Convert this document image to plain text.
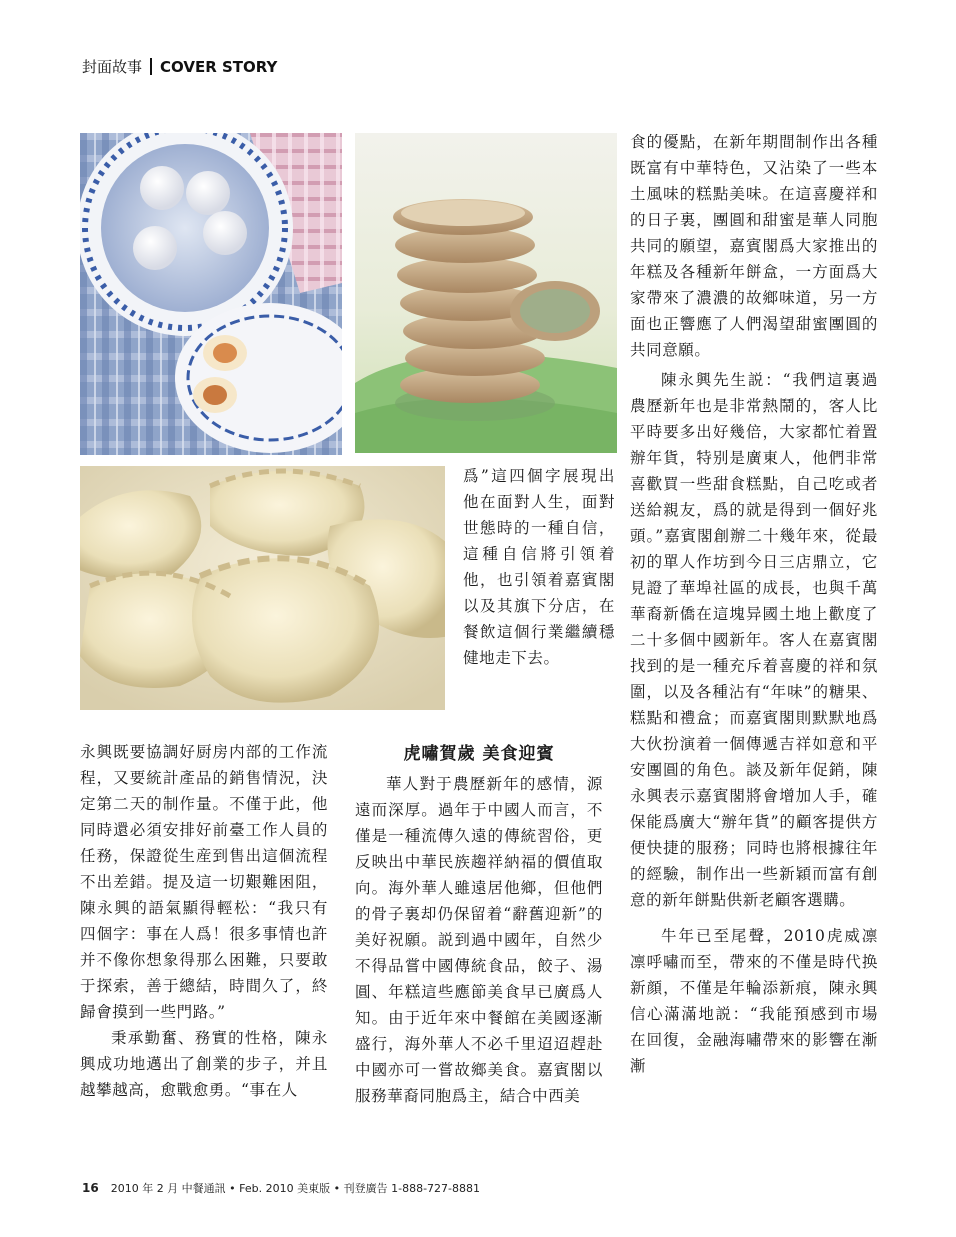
封面故事 COVER STORY

爲”這四個字展現出他在面對人生，面對世態時的一種自信，這種自信將引領着他，也引領着嘉賓閣以及其旗下分店，在餐飲這個行業繼續穩健地走下去。

永興既要協調好厨房内部的工作流程，又要統計產品的銷售情況，決定第二天的制作量。不僅于此，他同時還必須安排好前臺工作人員的任務，保證從生産到售出這個流程不出差錯。提及這一切艱難困阻，陳永興的語氣顯得輕松：“我只有四個字：事在人爲！很多事情也許并不像你想象得那么困難，只要敢于探索，善于總結，時間久了，終歸會摸到一些門路。”

秉承勤奮、務實的性格，陳永興成功地邁出了創業的步子，并且越攀越高，愈戰愈勇。“事在人

虎嘯賀歲 美食迎賓

華人對于農歷新年的感情，源遠而深厚。過年于中國人而言，不僅是一種流傳久遠的傳統習俗，更反映出中華民族趨祥納福的價值取向。海外華人雖遠居他鄉，但他們的骨子裏却仍保留着“辭舊迎新”的美好祝願。説到過中國年，自然少不得品嘗中國傳統食品，餃子、湯圓、年糕這些應節美食早已廣爲人知。由于近年來中餐館在美國逐漸盛行，海外華人不必千里迢迢趕赴中國亦可一嘗故鄉美食。嘉賓閣以服務華裔同胞爲主，結合中西美

食的優點，在新年期間制作出各種既富有中華特色，又沾染了一些本土風味的糕點美味。在這喜慶祥和的日子裏，團圓和甜蜜是華人同胞共同的願望，嘉賓閣爲大家推出的年糕及各種新年餅盒，一方面爲大家帶來了濃濃的故鄉味道，另一方面也正響應了人們渴望甜蜜團圓的共同意願。

陳永興先生説：“我們這裏過農歷新年也是非常熱鬧的，客人比平時要多出好幾倍，大家都忙着置辦年貨，特别是廣東人，他們非常喜歡買一些甜食糕點，自己吃或者送給親友，爲的就是得到一個好兆頭。”嘉賓閣創辦二十幾年來，從最初的單人作坊到今日三店鼎立，它見證了華埠社區的成長，也與千萬華裔新僑在這塊异國土地上歡度了二十多個中國新年。客人在嘉賓閣找到的是一種充斥着喜慶的祥和氛圍，以及各種沾有“年味”的糖果、糕點和禮盒；而嘉賓閣則默默地爲大伙扮演着一個傳遞吉祥如意和平安團圓的角色。談及新年促銷，陳永興表示嘉賓閣將會增加人手，確保能爲廣大“辦年貨”的顧客提供方便快捷的服務；同時也將根據往年的經驗，制作出一些新穎而富有創意的新年餅點供新老顧客選購。

牛年已至尾聲，2010虎威凛凛呼嘯而至，帶來的不僅是時代换新顔，不僅是年輪添新痕，陳永興信心滿滿地説：“我能預感到市場在回復，金融海嘯帶來的影響在漸漸

16 2010 年 2 月 中餐通訊 • Feb. 2010 美東版 • 刊登廣告 1-888-727-8881
